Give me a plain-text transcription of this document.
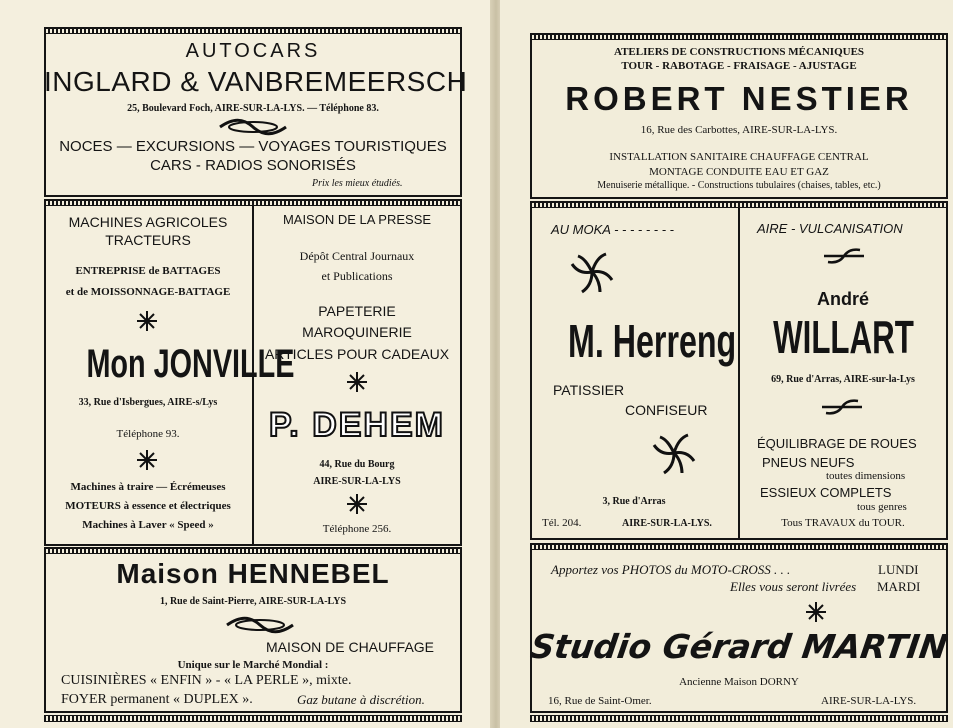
AUTOCARS
INGLARD & VANBREMEERSCH
25, Boulevard Foch, AIRE-SUR-LA-LYS. — Téléphone 83.
NOCES — EXCURSIONS — VOYAGES TOURISTIQUES
CARS - RADIOS SONORISÉS
Prix les mieux étudiés.
MACHINES AGRICOLES
TRACTEURS
ENTREPRISE de BATTAGES
et de MOISSONNAGE-BATTAGE
Mon JONVILLE
33, Rue d'Isbergues, AIRE-s/Lys
Téléphone 93.
Machines à traire — Écrémeuses
MOTEURS à essence et électriques
Machines à Laver « Speed »
MAISON DE LA PRESSE
Dépôt Central Journaux
et Publications
PAPETERIE
MAROQUINERIE
ARTICLES POUR CADEAUX
P. DEHEM
44, Rue du Bourg
AIRE-SUR-LA-LYS
Téléphone 256.
Maison HENNEBEL
1, Rue de Saint-Pierre, AIRE-SUR-LA-LYS
MAISON DE CHAUFFAGE
Unique sur le Marché Mondial :
CUISINIÈRES « ENFIN » - « LA PERLE », mixte.
FOYER permanent « DUPLEX ».	Gaz butane à discrétion.
ATELIERS DE CONSTRUCTIONS MÉCANIQUES
TOUR - RABOTAGE - FRAISAGE - AJUSTAGE
ROBERT NESTIER
16, Rue des Carbottes, AIRE-SUR-LA-LYS.
INSTALLATION SANITAIRE CHAUFFAGE CENTRAL
MONTAGE CONDUITE EAU ET GAZ
Menuiserie métallique. - Constructions tubulaires (chaises, tables, etc.)
AU MOKA - - - - - - - -
M. Herreng
PATISSIER
CONFISEUR
3, Rue d'Arras
Tél. 204.	AIRE-SUR-LA-LYS.
AIRE - VULCANISATION
André
WILLART
69, Rue d'Arras, AIRE-sur-la-Lys
ÉQUILIBRAGE DE ROUES
PNEUS NEUFS
toutes dimensions
ESSIEUX COMPLETS
tous genres
Tous TRAVAUX du TOUR.
Apportez vos PHOTOS du MOTO-CROSS . . .	LUNDI
Elles vous seront livrées MARDI
Studio Gérard MARTIN
Ancienne Maison DORNY
16, Rue de Saint-Omer.	AIRE-SUR-LA-LYS.
